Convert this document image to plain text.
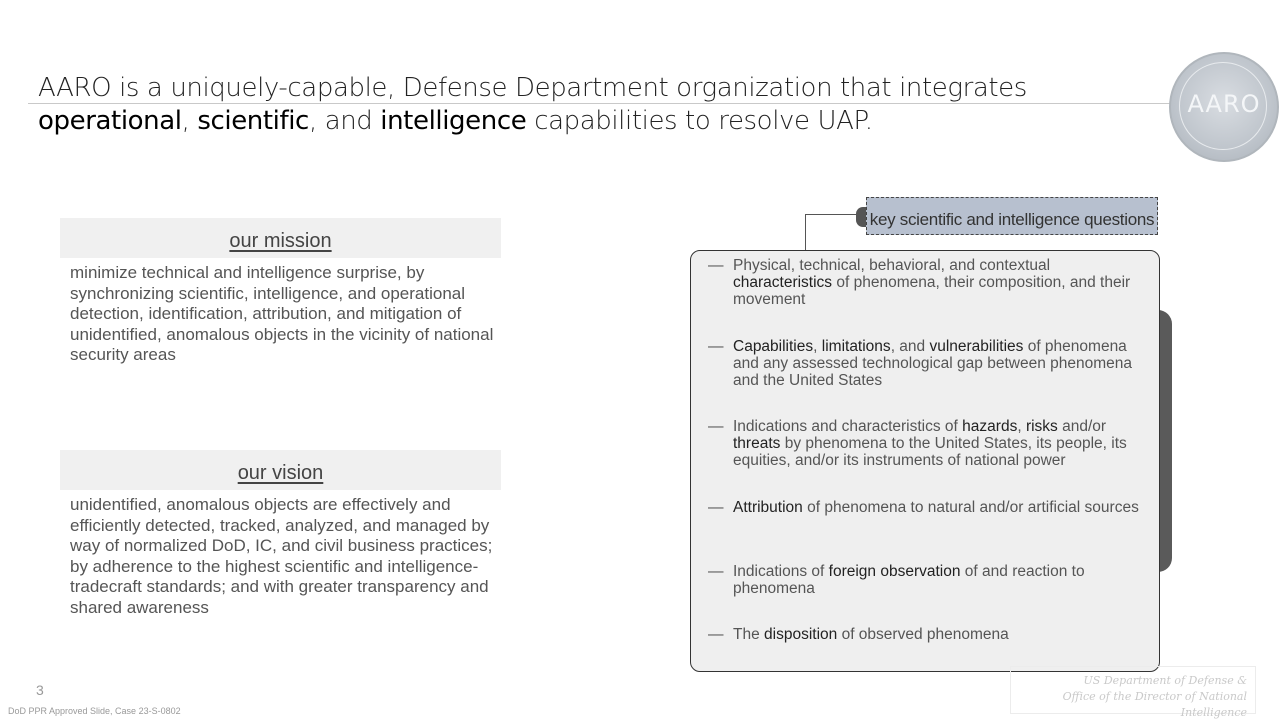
AARO is a uniquely-capable, Defense Department organization that integrates
operational, scientific, and intelligence capabilities to resolve UAP.
AARO
our mission
minimize technical and intelligence surprise, by synchronizing scientific, intelligence, and operational detection, identification, attribution, and mitigation of unidentified, anomalous objects in the vicinity of national security areas
our vision
unidentified, anomalous objects are effectively and efficiently detected, tracked, analyzed, and managed by way of normalized DoD, IC, and civil business practices; by adherence to the highest scientific and intelligence-tradecraft standards; and with greater transparency and shared awareness
key scientific and intelligence questions
— Physical, technical, behavioral, and contextual characteristics of phenomena, their composition, and their movement
— Capabilities, limitations, and vulnerabilities of phenomena and any assessed technological gap between phenomena and the United States
— Indications and characteristics of hazards, risks and/or threats by phenomena to the United States, its people, its equities, and/or its instruments of national power
— Attribution of phenomena to natural and/or artificial sources
— Indications of foreign observation of and reaction to phenomena
— The disposition of observed phenomena
3
DoD PPR Approved Slide, Case 23-S-0802
US Department of Defense &
Office of the Director of National Intelligence
